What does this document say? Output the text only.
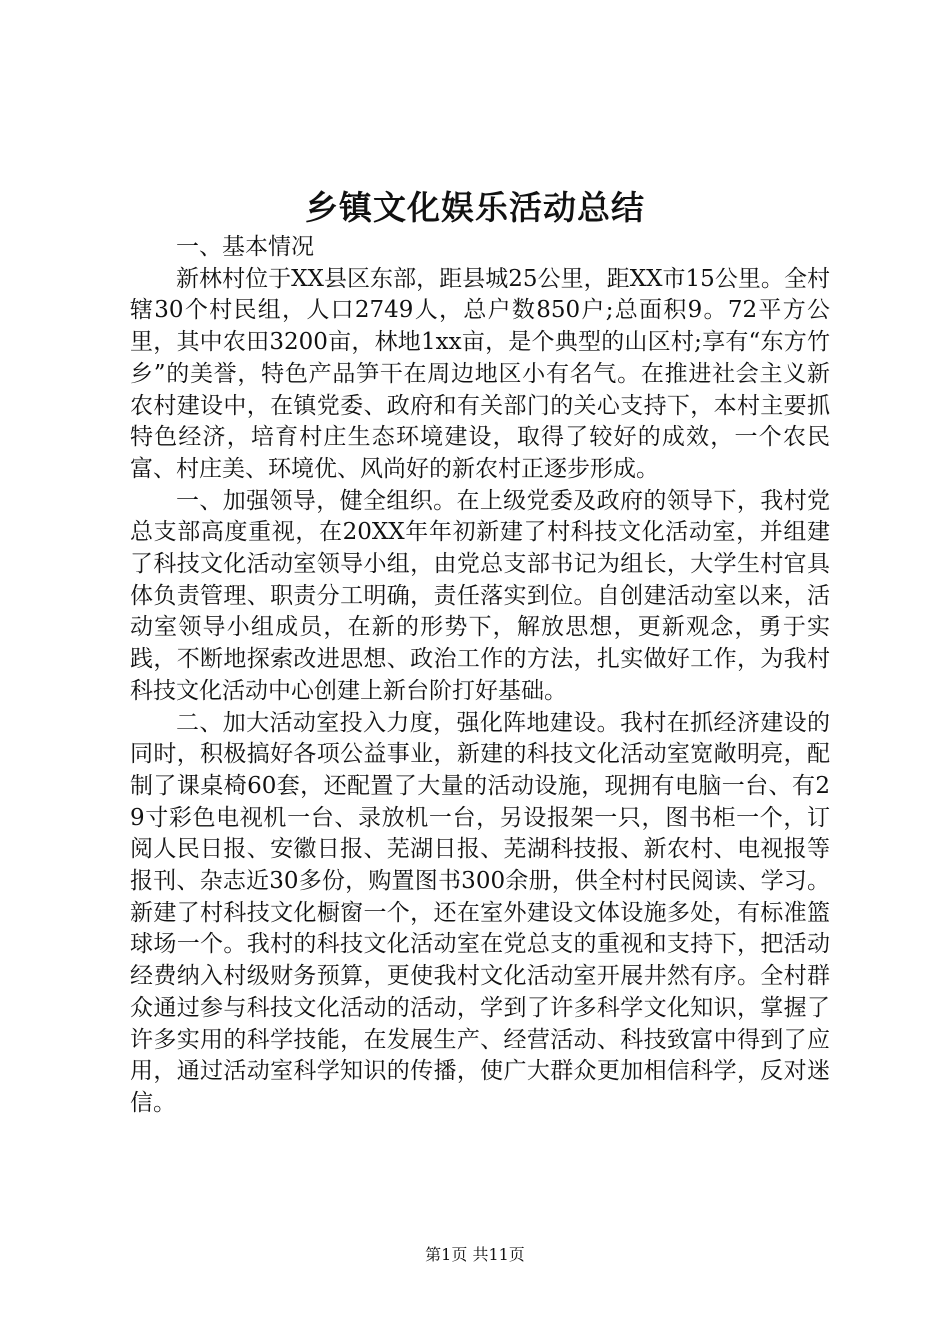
乡镇文化娱乐活动总结

一、基本情况

新林村位于XX县区东部，距县城25公里，距XX市15公里。全村辖30个村民组，人口2749人，总户数850户;总面积9。72平方公里，其中农田3200亩，林地1xx亩，是个典型的山区村;享有“东方竹乡”的美誉，特色产品笋干在周边地区小有名气。在推进社会主义新农村建设中，在镇党委、政府和有关部门的关心支持下，本村主要抓特色经济，培育村庄生态环境建设，取得了较好的成效，一个农民富、村庄美、环境优、风尚好的新农村正逐步形成。

一、加强领导，健全组织。在上级党委及政府的领导下，我村党总支部高度重视，在20XX年年初新建了村科技文化活动室，并组建了科技文化活动室领导小组，由党总支部书记为组长，大学生村官具体负责管理、职责分工明确，责任落实到位。自创建活动室以来，活动室领导小组成员，在新的形势下，解放思想，更新观念，勇于实践，不断地探索改进思想、政治工作的方法，扎实做好工作，为我村科技文化活动中心创建上新台阶打好基础。

二、加大活动室投入力度，强化阵地建设。我村在抓经济建设的同时，积极搞好各项公益事业，新建的科技文化活动室宽敞明亮，配制了课桌椅60套，还配置了大量的活动设施，现拥有电脑一台、有29寸彩色电视机一台、录放机一台，另设报架一只，图书柜一个，订阅人民日报、安徽日报、芜湖日报、芜湖科技报、新农村、电视报等报刊、杂志近30多份，购置图书300余册，供全村村民阅读、学习。新建了村科技文化橱窗一个，还在室外建设文体设施多处，有标准篮球场一个。我村的科技文化活动室在党总支的重视和支持下，把活动经费纳入村级财务预算，更使我村文化活动室开展井然有序。全村群众通过参与科技文化活动的活动，学到了许多科学文化知识，掌握了许多实用的科学技能，在发展生产、经营活动、科技致富中得到了应用，通过活动室科学知识的传播，使广大群众更加相信科学，反对迷信。

第1页 共11页
